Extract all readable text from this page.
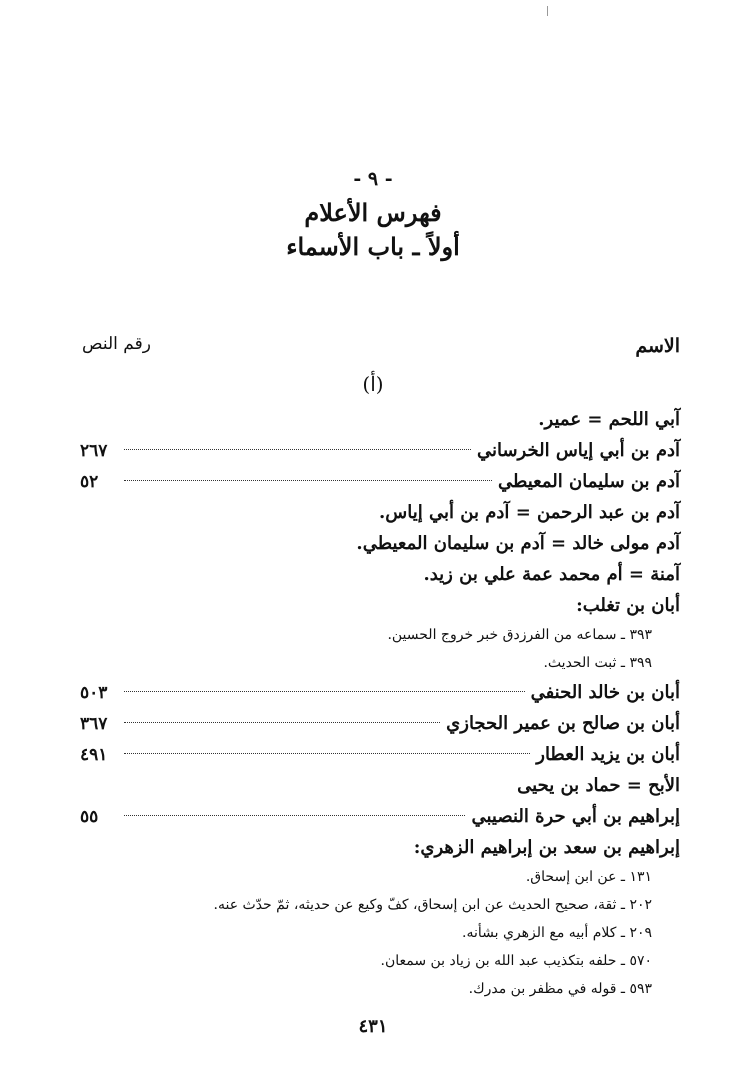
- ٩ -
فهرس الأعلام
أولاً ـ باب الأسماء
الاسم
رقم النص
(أ)
آبي اللحم = عمير.
آدم بن أبي إياس الخرساني
٢٦٧
آدم بن سليمان المعيطي
٥٢
آدم بن عبد الرحمن = آدم بن أبي إياس.
آدم مولى خالد = آدم بن سليمان المعيطي.
آمنة = أم محمد عمة علي بن زيد.
أبان بن تغلب:
٣٩٣ ـ سماعه من الفرزدق خبر خروج الحسين.
٣٩٩ ـ ثبت الحديث.
أبان بن خالد الحنفي
٥٠٣
أبان بن صالح بن عمير الحجازي
٣٦٧
أبان بن يزيد العطار
٤٩١
الأبح = حماد بن يحيى
إبراهيم بن أبي حرة النصيبي
٥٥
إبراهيم بن سعد بن إبراهيم الزهري:
١٣١ ـ عن ابن إسحاق.
٢٠٢ ـ ثقة، صحيح الحديث عن ابن إسحاق، كفّ وكيع عن حديثه، ثمّ حدّث عنه.
٢٠٩ ـ كلام أبيه مع الزهري بشأنه.
٥٧٠ ـ حلفه بتكذيب عبد الله بن زياد بن سمعان.
٥٩٣ ـ قوله في مظفر بن مدرك.
٤٣١
